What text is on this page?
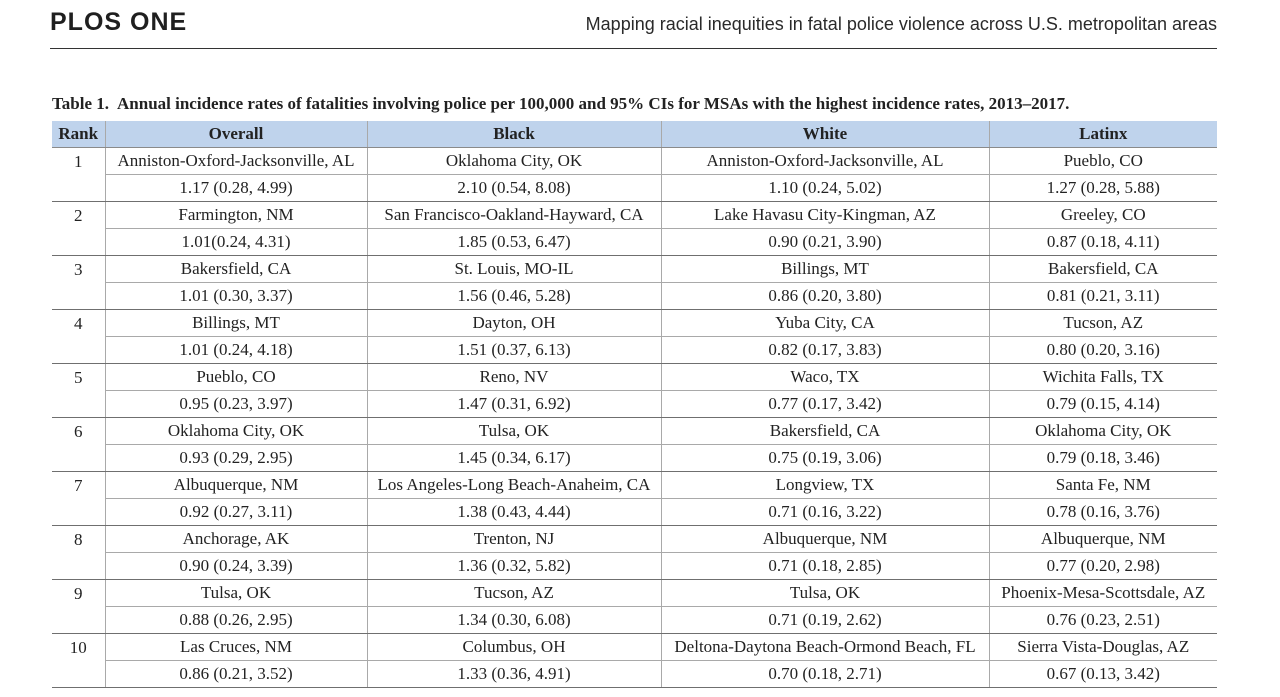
PLOS ONE	Mapping racial inequities in fatal police violence across U.S. metropolitan areas
Table 1. Annual incidence rates of fatalities involving police per 100,000 and 95% CIs for MSAs with the highest incidence rates, 2013–2017.
Rank	Overall	Black	White	Latinx
1	Anniston-Oxford-Jacksonville, AL	Oklahoma City, OK	Anniston-Oxford-Jacksonville, AL	Pueblo, CO
	1.17 (0.28, 4.99)	2.10 (0.54, 8.08)	1.10 (0.24, 5.02)	1.27 (0.28, 5.88)
2	Farmington, NM	San Francisco-Oakland-Hayward, CA	Lake Havasu City-Kingman, AZ	Greeley, CO
	1.01(0.24, 4.31)	1.85 (0.53, 6.47)	0.90 (0.21, 3.90)	0.87 (0.18, 4.11)
3	Bakersfield, CA	St. Louis, MO-IL	Billings, MT	Bakersfield, CA
	1.01 (0.30, 3.37)	1.56 (0.46, 5.28)	0.86 (0.20, 3.80)	0.81 (0.21, 3.11)
4	Billings, MT	Dayton, OH	Yuba City, CA	Tucson, AZ
	1.01 (0.24, 4.18)	1.51 (0.37, 6.13)	0.82 (0.17, 3.83)	0.80 (0.20, 3.16)
5	Pueblo, CO	Reno, NV	Waco, TX	Wichita Falls, TX
	0.95 (0.23, 3.97)	1.47 (0.31, 6.92)	0.77 (0.17, 3.42)	0.79 (0.15, 4.14)
6	Oklahoma City, OK	Tulsa, OK	Bakersfield, CA	Oklahoma City, OK
	0.93 (0.29, 2.95)	1.45 (0.34, 6.17)	0.75 (0.19, 3.06)	0.79 (0.18, 3.46)
7	Albuquerque, NM	Los Angeles-Long Beach-Anaheim, CA	Longview, TX	Santa Fe, NM
	0.92 (0.27, 3.11)	1.38 (0.43, 4.44)	0.71 (0.16, 3.22)	0.78 (0.16, 3.76)
8	Anchorage, AK	Trenton, NJ	Albuquerque, NM	Albuquerque, NM
	0.90 (0.24, 3.39)	1.36 (0.32, 5.82)	0.71 (0.18, 2.85)	0.77 (0.20, 2.98)
9	Tulsa, OK	Tucson, AZ	Tulsa, OK	Phoenix-Mesa-Scottsdale, AZ
	0.88 (0.26, 2.95)	1.34 (0.30, 6.08)	0.71 (0.19, 2.62)	0.76 (0.23, 2.51)
10	Las Cruces, NM	Columbus, OH	Deltona-Daytona Beach-Ormond Beach, FL	Sierra Vista-Douglas, AZ
	0.86 (0.21, 3.52)	1.33 (0.36, 4.91)	0.70 (0.18, 2.71)	0.67 (0.13, 3.42)
